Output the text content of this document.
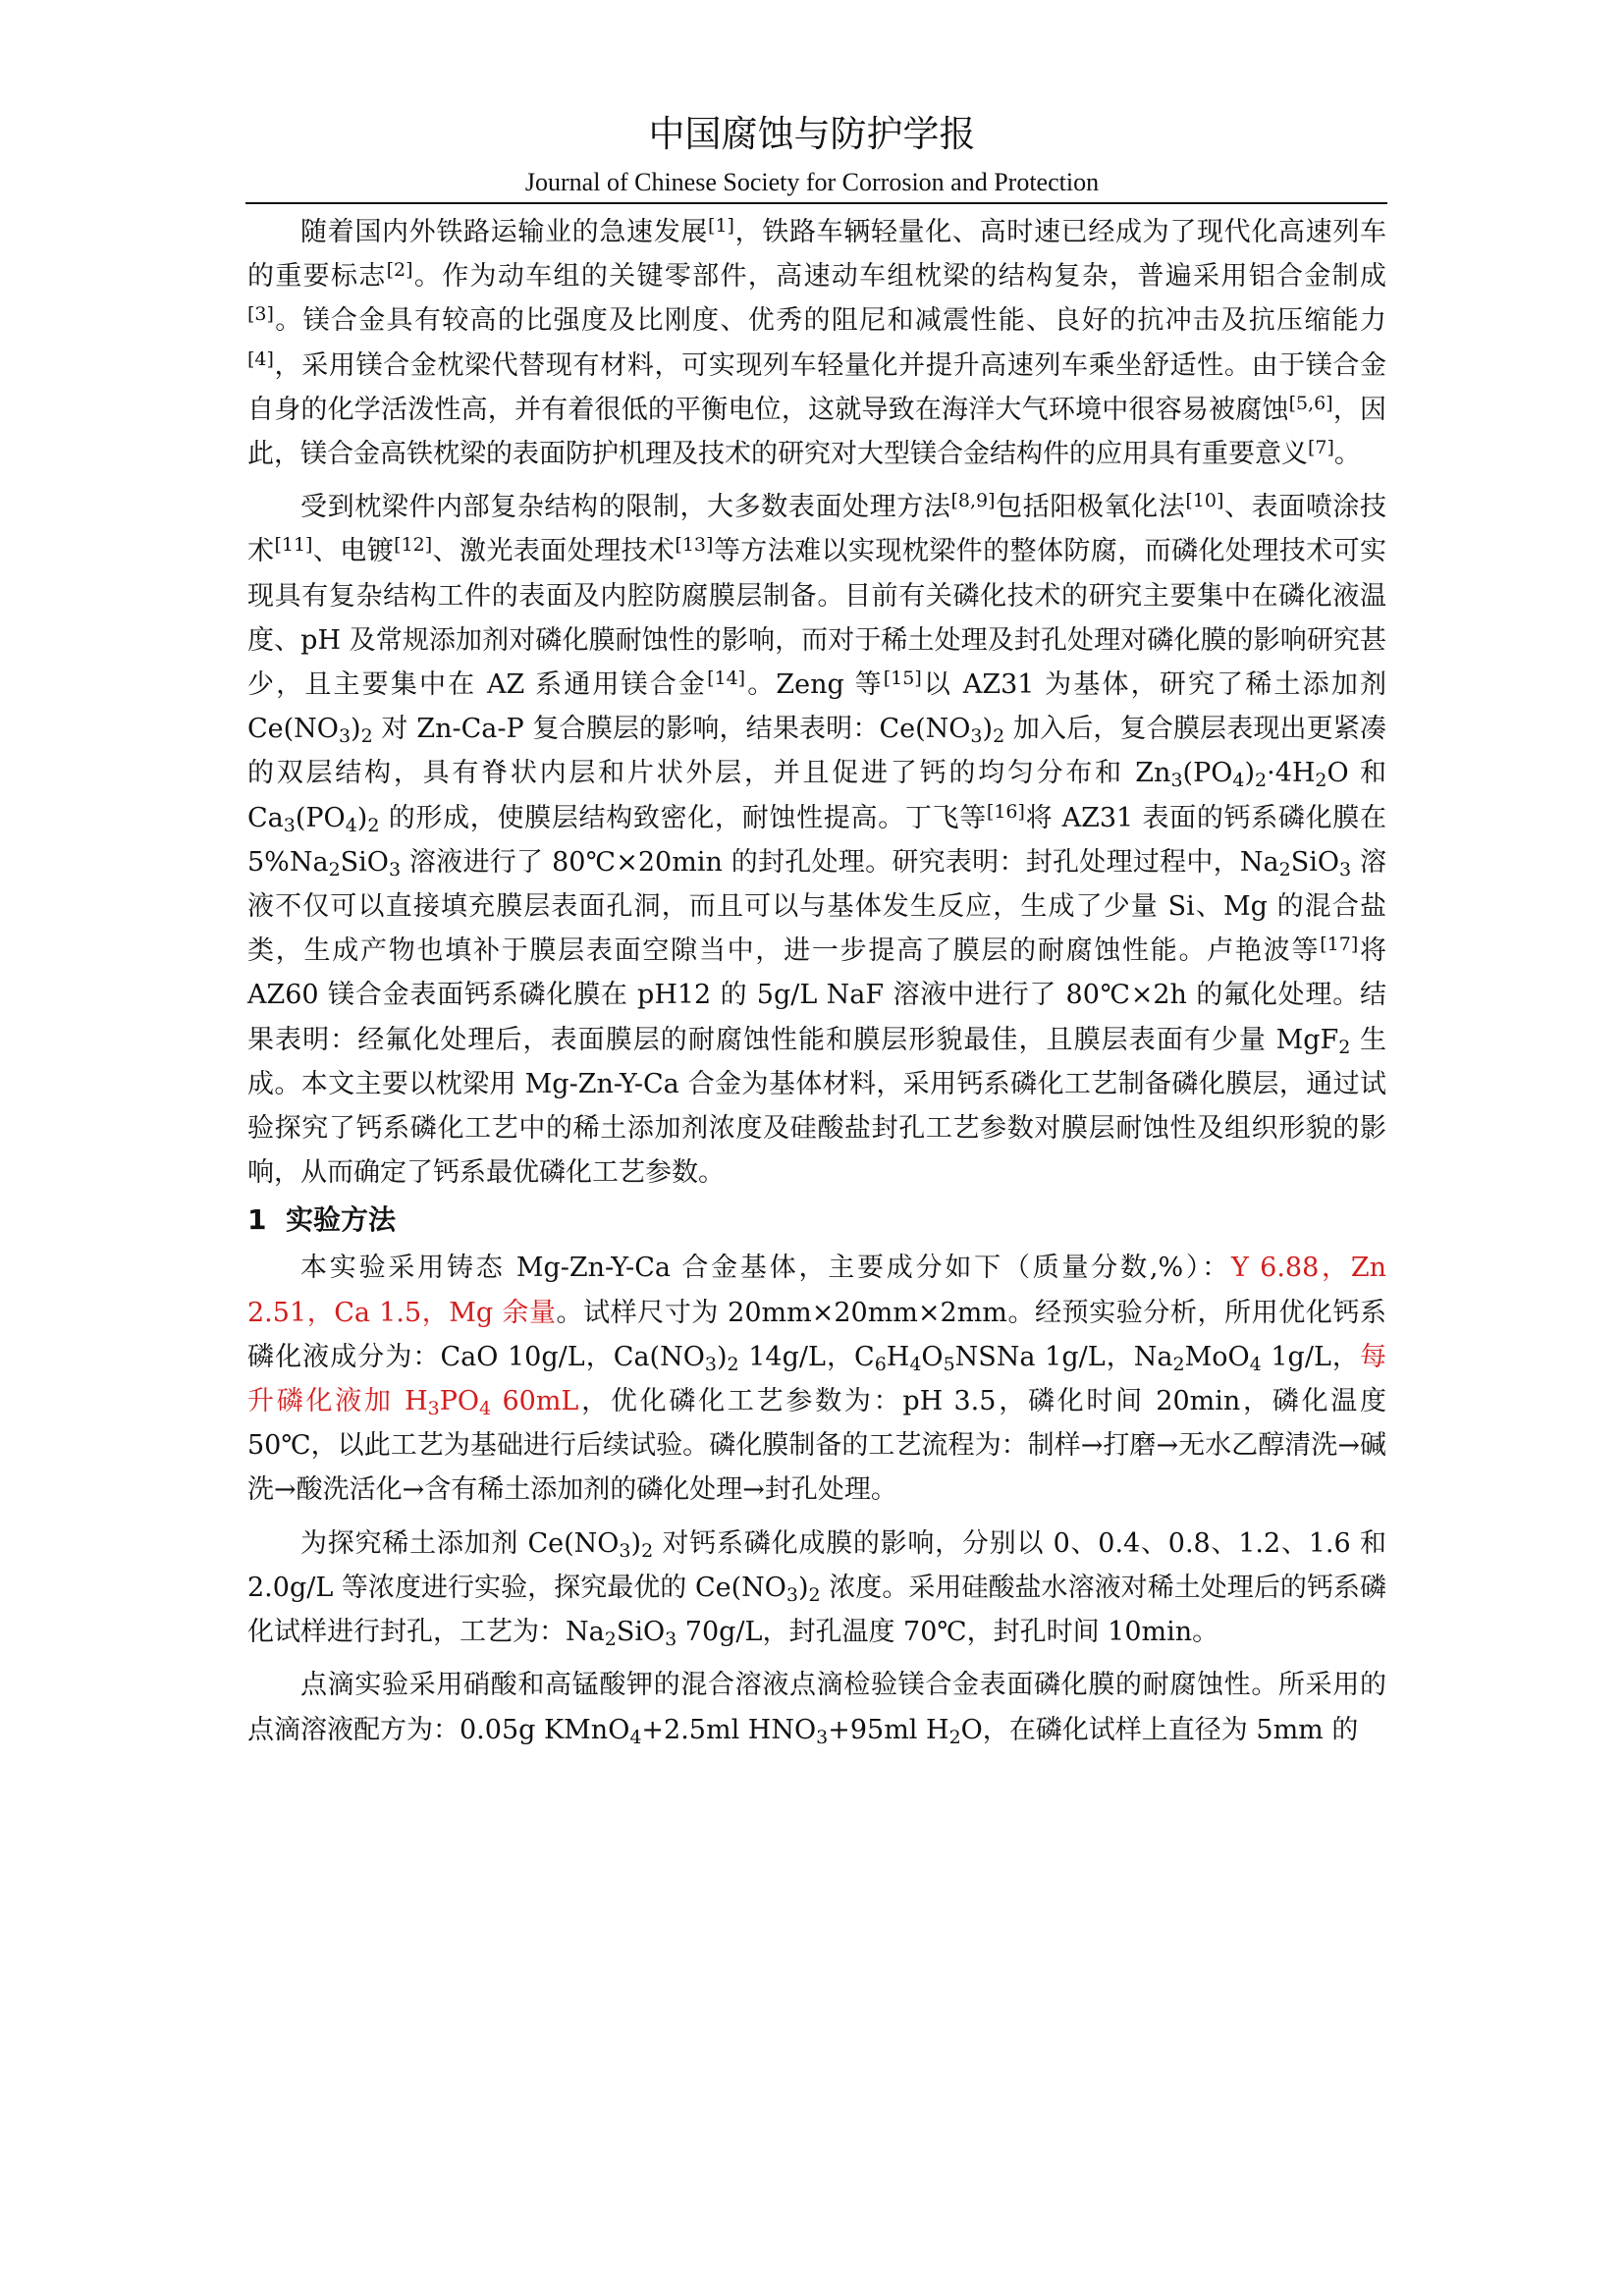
中国腐蚀与防护学报
Journal of Chinese Society for Corrosion and Protection

随着国内外铁路运输业的急速发展[1]，铁路车辆轻量化、高时速已经成为了现代化高速列车的重要标志[2]。作为动车组的关键零部件，高速动车组枕梁的结构复杂，普遍采用铝合金制成[3]。镁合金具有较高的比强度及比刚度、优秀的阻尼和减震性能、良好的抗冲击及抗压缩能力[4]，采用镁合金枕梁代替现有材料，可实现列车轻量化并提升高速列车乘坐舒适性。由于镁合金自身的化学活泼性高，并有着很低的平衡电位，这就导致在海洋大气环境中很容易被腐蚀[5,6]，因此，镁合金高铁枕梁的表面防护机理及技术的研究对大型镁合金结构件的应用具有重要意义[7]。

受到枕梁件内部复杂结构的限制，大多数表面处理方法[8,9]包括阳极氧化法[10]、表面喷涂技术[11]、电镀[12]、激光表面处理技术[13]等方法难以实现枕梁件的整体防腐，而磷化处理技术可实现具有复杂结构工件的表面及内腔防腐膜层制备。目前有关磷化技术的研究主要集中在磷化液温度、pH 及常规添加剂对磷化膜耐蚀性的影响，而对于稀土处理及封孔处理对磷化膜的影响研究甚少，且主要集中在 AZ 系通用镁合金[14]。Zeng 等[15]以 AZ31 为基体，研究了稀土添加剂 $Ce(NO_3)_2$ 对 Zn-Ca-P 复合膜层的影响，结果表明：$Ce(NO_3)_2$ 加入后，复合膜层表现出更紧凑的双层结构，具有脊状内层和片状外层，并且促进了钙的均匀分布和 $Zn_3(PO_4)_2\cdot 4H_2O$ 和 $Ca_3(PO_4)_2$ 的形成，使膜层结构致密化，耐蚀性提高。丁飞等[16]将 AZ31 表面的钙系磷化膜在 $5\%Na_2SiO_3$ 溶液进行了 80℃×20min 的封孔处理。研究表明：封孔处理过程中，$Na_2SiO_3$ 溶液不仅可以直接填充膜层表面孔洞，而且可以与基体发生反应，生成了少量 Si、Mg 的混合盐类，生成产物也填补于膜层表面空隙当中，进一步提高了膜层的耐腐蚀性能。卢艳波等[17]将 AZ60 镁合金表面钙系磷化膜在 pH12 的 5g/L NaF 溶液中进行了 80℃×2h 的氟化处理。结果表明：经氟化处理后，表面膜层的耐腐蚀性能和膜层形貌最佳，且膜层表面有少量 MgF$_2$ 生成。本文主要以枕梁用 Mg-Zn-Y-Ca 合金为基体材料，采用钙系磷化工艺制备磷化膜层，通过试验探究了钙系磷化工艺中的稀土添加剂浓度及硅酸盐封孔工艺参数对膜层耐蚀性及组织形貌的影响，从而确定了钙系最优磷化工艺参数。

1 实验方法

本实验采用铸态 Mg-Zn-Y-Ca 合金基体，主要成分如下（质量分数,%）：Y 6.88，Zn 2.51，Ca 1.5，Mg 余量。试样尺寸为 20mm×20mm×2mm。经预实验分析，所用优化钙系磷化液成分为：CaO 10g/L，$Ca(NO_3)_2$ 14g/L，$C_6H_4O_5NSNa$ 1g/L，$Na_2MoO_4$ 1g/L，每升磷化液加 $H_3PO_4$ 60mL，优化磷化工艺参数为：pH 3.5，磷化时间 20min，磷化温度 50℃，以此工艺为基础进行后续试验。磷化膜制备的工艺流程为：制样→打磨→无水乙醇清洗→碱洗→酸洗活化→含有稀土添加剂的磷化处理→封孔处理。

为探究稀土添加剂 $Ce(NO_3)_2$ 对钙系磷化成膜的影响，分别以 0、0.4、0.8、1.2、1.6 和 2.0g/L 等浓度进行实验，探究最优的 $Ce(NO_3)_2$ 浓度。采用硅酸盐水溶液对稀土处理后的钙系磷化试样进行封孔，工艺为：$Na_2SiO_3$ 70g/L，封孔温度 70℃，封孔时间 10min。

点滴实验采用硝酸和高锰酸钾的混合溶液点滴检验镁合金表面磷化膜的耐腐蚀性。所采用的点滴溶液配方为：0.05g KMnO$_4$+2.5ml $HNO_3+95ml$ $H_2O$，在磷化试样上直径为 5mm 的
